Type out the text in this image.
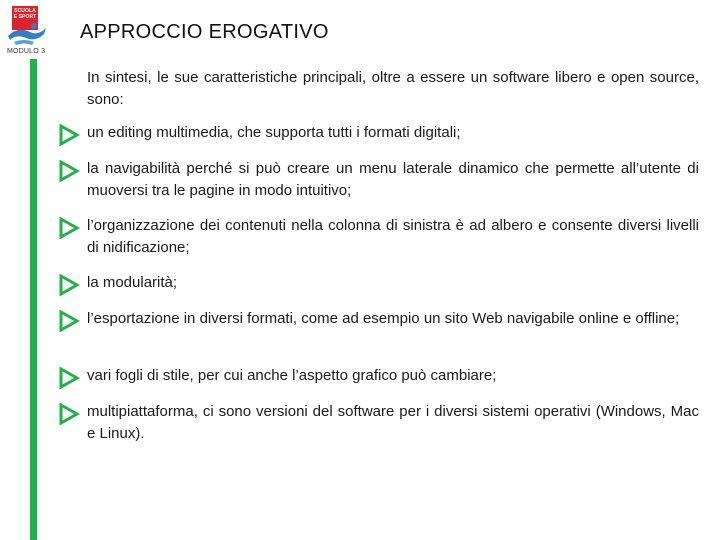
SCUOLA
E SPORT
MODULO 3
APPROCCIO EROGATIVO

In sintesi, le sue caratteristiche principali, oltre a essere un software libero e open source, sono:

un editing multimedia, che supporta tutti i formati digitali;
la navigabilità perché si può creare un menu laterale dinamico che permette all’utente di muoversi tra le pagine in modo intuitivo;
l’organizzazione dei contenuti nella colonna di sinistra è ad albero e consente diversi livelli di nidificazione;
la modularità;
l’esportazione in diversi formati, come ad esempio un sito Web navigabile online e offline;
vari fogli di stile, per cui anche l’aspetto grafico può cambiare;
multipiattaforma, ci sono versioni del software per i diversi sistemi operativi (Windows, Mac e Linux).
